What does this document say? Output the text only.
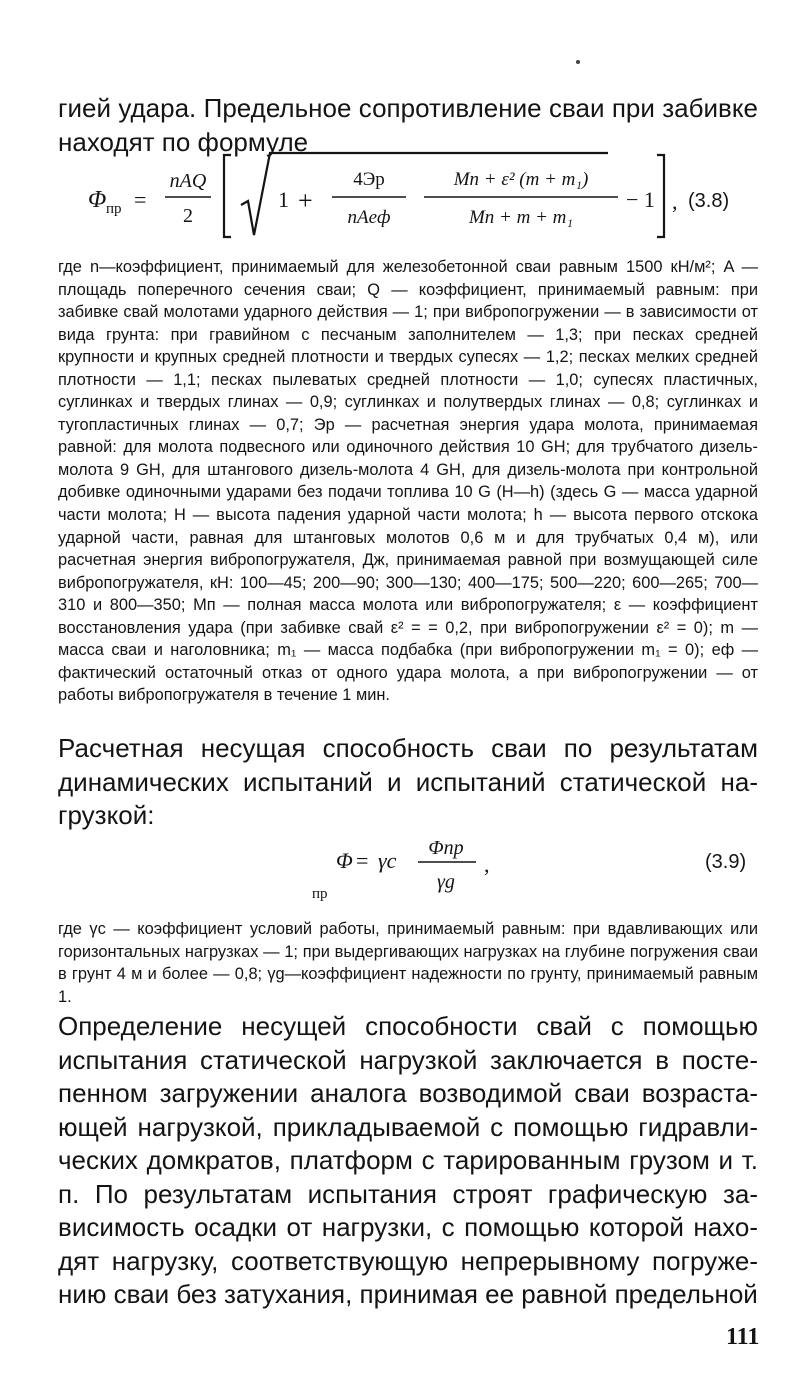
гией удара. Предельное сопротивление сваи при забивке находят по формуле

Φ пр =
nAQ
2
1 +
4Эр
nAeф
Mп + ε² (m + m₁)
Mп + m + m₁
− 1 , (3.8)

где n—коэффициент, принимаемый для железобетонной сваи равным 1500 кН/м²; A — площадь поперечного сечения сваи; Q — коэффициент, принимаемый равным: при забивке свай молотами ударного действия — 1; при вибропогружении — в зависимости от вида грунта: при гравийном с песчаным заполнителем — 1,3; при песках средней крупности и крупных средней плотности и твердых супесях — 1,2; песках мелких средней плотности — 1,1; песках пылеватых средней плотности — 1,0; супесях пластичных, суглинках и твердых глинах — 0,9; суглинках и полутвердых глинах — 0,8; суглинках и тугопластичных глинах — 0,7; Эр — расчетная энергия удара молота, принимаемая равной: для молота подвесного или одиночного действия 10 GH; для трубчатого дизель-молота 9 GH, для штангового дизель-молота 4 GH, для дизель-молота при контрольной добивке одиночными ударами без подачи топлива 10 G (H—h) (здесь G — масса ударной части молота; H — высота падения ударной части молота; h — высота первого отскока ударной части, равная для штанговых молотов 0,6 м и для трубчатых 0,4 м), или расчетная энергия вибропогружателя, Дж, принимаемая равной при возмущающей силе вибропогружателя, кН: 100—45; 200—90; 300—130; 400—175; 500—220; 600—265; 700—310 и 800—350; Mп — полная масса молота или вибропогружателя; ε — коэффициент восстановления удара (при забивке свай ε² = = 0,2, при вибропогружении ε² = 0); m — масса сваи и наголовника; m₁ — масса подбабка (при вибропогружении m₁ = 0); eф — фактический остаточный отказ от одного удара молота, а при вибропогружении — от работы вибропогружателя в течение 1 мин.

Расчетная несущая способность сваи по результатам динамических испытаний и испытаний статической нагрузкой:

Φ
пр
= γc Φпр
γg
,	(3.9)

где γc — коэффициент условий работы, принимаемый равным: при вдавливающих или горизонтальных нагрузках — 1; при выдергивающих нагрузках на глубине погружения сваи в грунт 4 м и более — 0,8; γg—коэффициент надежности по грунту, принимаемый равным 1.

Определение несущей способности свай с помощью испытания статической нагрузкой заключается в постепенном загружении аналога возводимой сваи возрастающей нагрузкой, прикладываемой с помощью гидравлических домкратов, платформ с тарированным грузом и т. п. По результатам испытания строят графическую зависимость осадки от нагрузки, с помощью которой находят нагрузку, соответствующую непрерывному погружению сваи без затухания, принимая ее равной предельной

111
